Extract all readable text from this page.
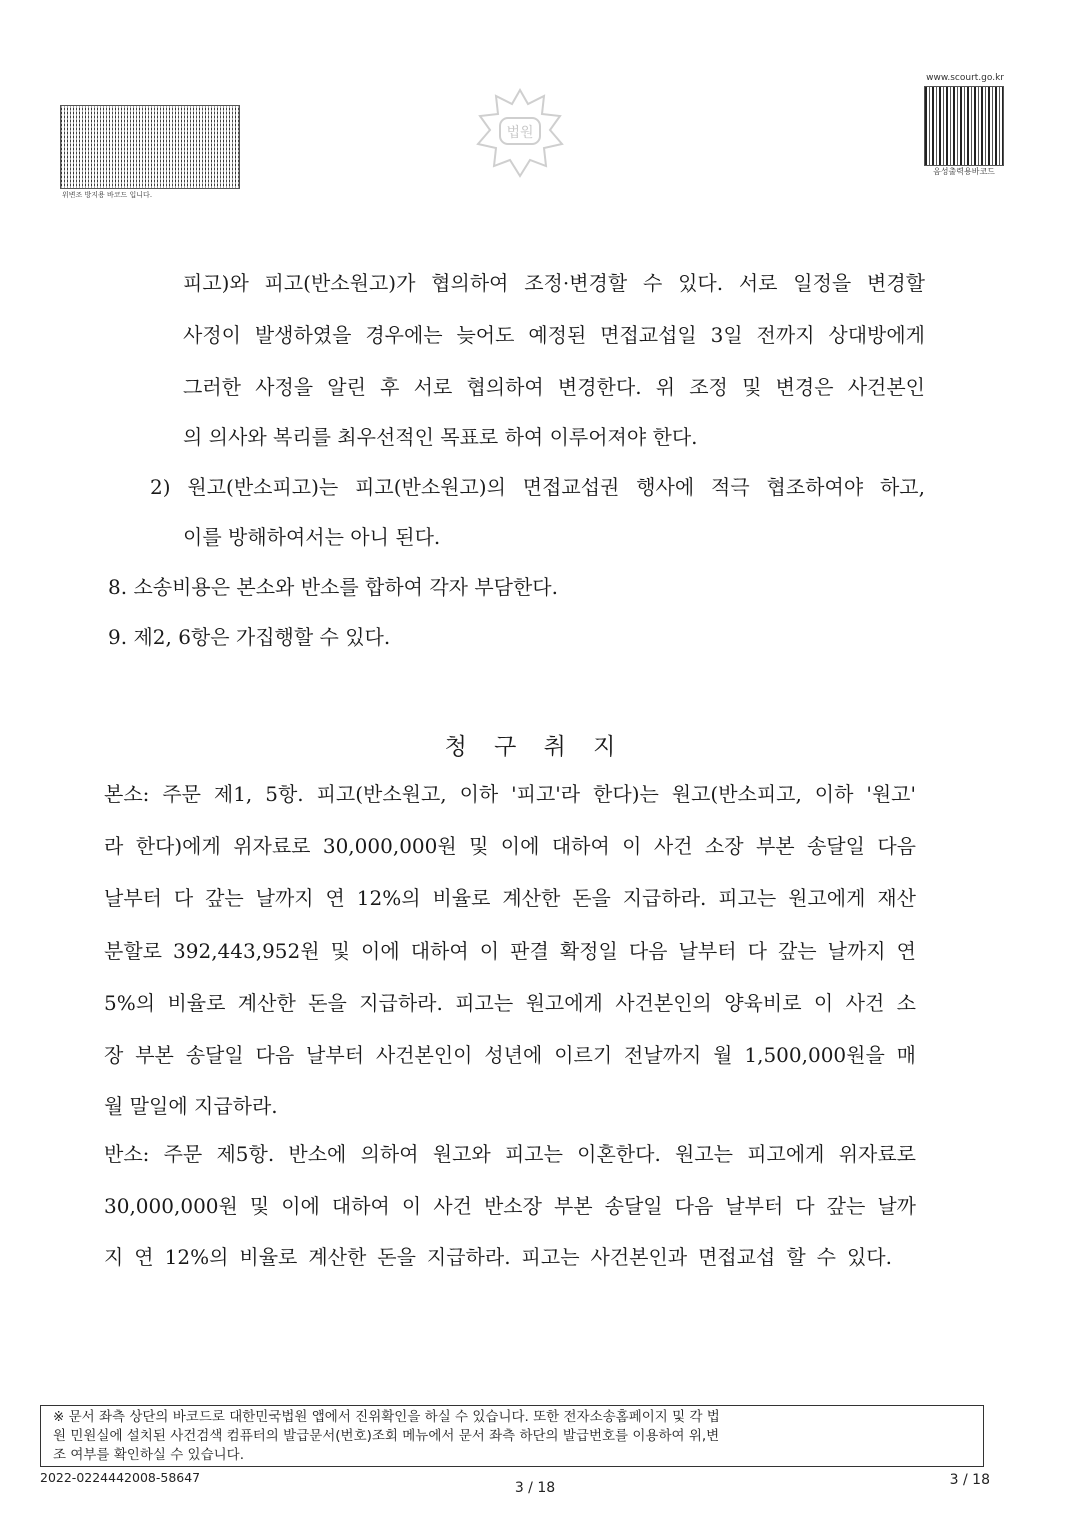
위변조 방지용 바코드 입니다.
법원
www.scourt.go.kr
음성출력용바코드
피고)와 피고(반소원고)가 협의하여 조정·변경할 수 있다. 서로 일정을 변경할
사정이 발생하였을 경우에는 늦어도 예정된 면접교섭일 3일 전까지 상대방에게
그러한 사정을 알린 후 서로 협의하여 변경한다. 위 조정 및 변경은 사건본인
의 의사와 복리를 최우선적인 목표로 하여 이루어져야 한다.
2) 원고(반소피고)는 피고(반소원고)의 면접교섭권 행사에 적극 협조하여야 하고,
이를 방해하여서는 아니 된다.
8. 소송비용은 본소와 반소를 합하여 각자 부담한다.
9. 제2, 6항은 가집행할 수 있다.
청 구 취 지
본소: 주문 제1, 5항. 피고(반소원고, 이하 '피고'라 한다)는 원고(반소피고, 이하 '원고'
라 한다)에게 위자료로 30,000,000원 및 이에 대하여 이 사건 소장 부본 송달일 다음
날부터 다 갚는 날까지 연 12%의 비율로 계산한 돈을 지급하라. 피고는 원고에게 재산
분할로 392,443,952원 및 이에 대하여 이 판결 확정일 다음 날부터 다 갚는 날까지 연
5%의 비율로 계산한 돈을 지급하라. 피고는 원고에게 사건본인의 양육비로 이 사건 소
장 부본 송달일 다음 날부터 사건본인이 성년에 이르기 전날까지 월 1,500,000원을 매
월 말일에 지급하라.
반소: 주문 제5항. 반소에 의하여 원고와 피고는 이혼한다. 원고는 피고에게 위자료로
30,000,000원 및 이에 대하여 이 사건 반소장 부본 송달일 다음 날부터 다 갚는 날까
지 연 12%의 비율로 계산한 돈을 지급하라. 피고는 사건본인과 면접교섭 할 수 있다.
※ 문서 좌측 상단의 바코드로 대한민국법원 앱에서 진위확인을 하실 수 있습니다. 또한 전자소송홈페이지 및 각 법
원 민원실에 설치된 사건검색 컴퓨터의 발급문서(번호)조회 메뉴에서 문서 좌측 하단의 발급번호를 이용하여 위,변
조 여부를 확인하실 수 있습니다.
2022-0224442008-58647
3 / 18	3 / 18
